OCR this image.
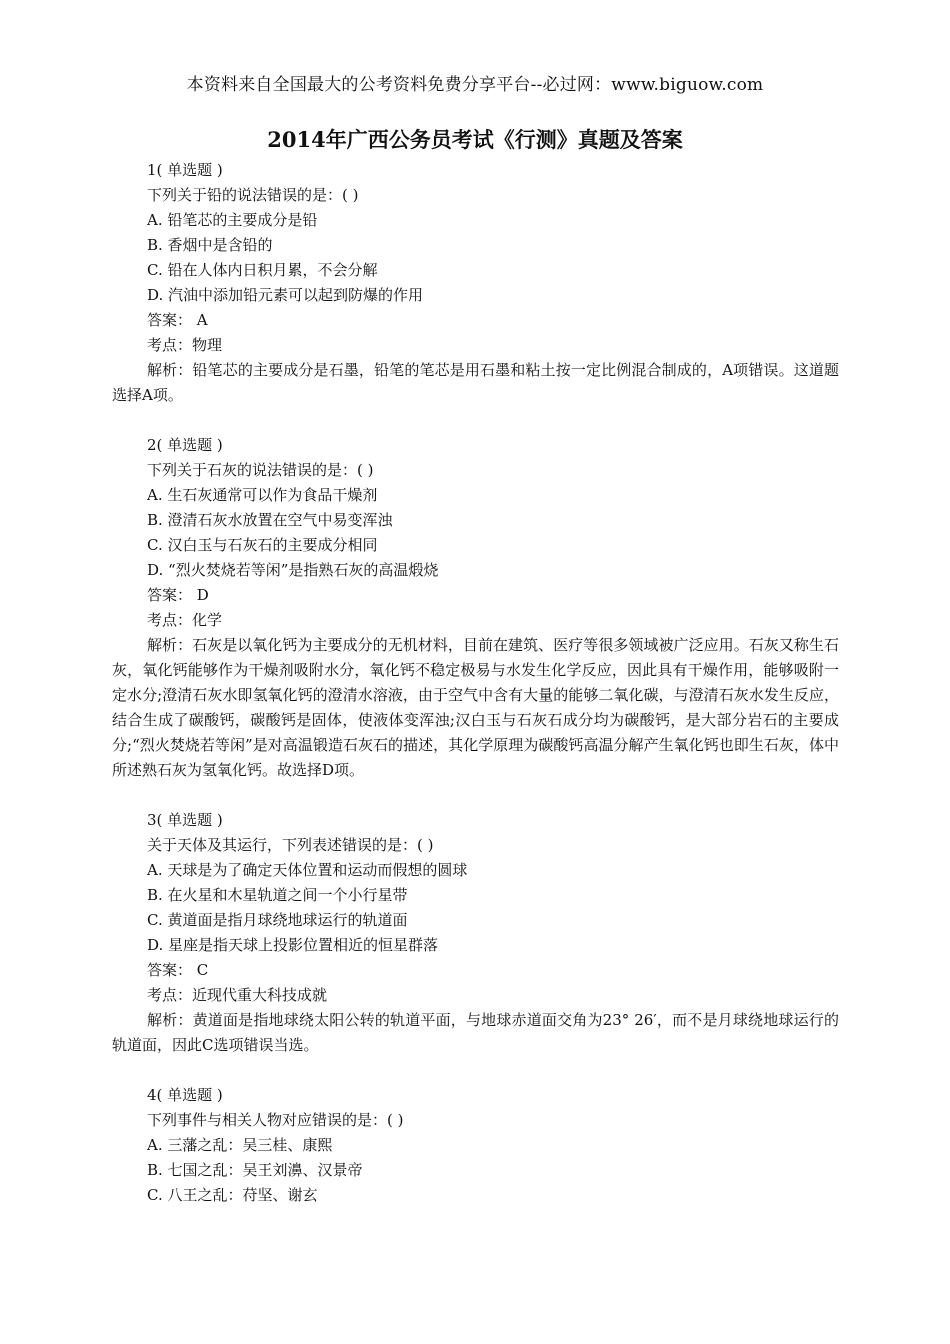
本资料来自全国最大的公考资料免费分享平台--必过网：www.biguow.com
2014年广西公务员考试《行测》真题及答案
1( 单选题 )
下列关于铅的说法错误的是：( )
A. 铅笔芯的主要成分是铅
B. 香烟中是含铅的
C. 铅在人体内日积月累，不会分解
D. 汽油中添加铅元素可以起到防爆的作用
答案： A
考点：物理
解析：铅笔芯的主要成分是石墨，铅笔的笔芯是用石墨和粘土按一定比例混合制成的，A项错误。这道题选择A项。
2( 单选题 )
下列关于石灰的说法错误的是：( )
A. 生石灰通常可以作为食品干燥剂
B. 澄清石灰水放置在空气中易变浑浊
C. 汉白玉与石灰石的主要成分相同
D. “烈火焚烧若等闲”是指熟石灰的高温煅烧
答案： D
考点：化学
解析：石灰是以氧化钙为主要成分的无机材料，目前在建筑、医疗等很多领域被广泛应用。石灰又称生石灰，氧化钙能够作为干燥剂吸附水分，氧化钙不稳定极易与水发生化学反应，因此具有干燥作用，能够吸附一定水分;澄清石灰水即氢氧化钙的澄清水溶液，由于空气中含有大量的能够二氧化碳，与澄清石灰水发生反应，结合生成了碳酸钙，碳酸钙是固体，使液体变浑浊;汉白玉与石灰石成分均为碳酸钙，是大部分岩石的主要成分;“烈火焚烧若等闲”是对高温锻造石灰石的描述，其化学原理为碳酸钙高温分解产生氧化钙也即生石灰，体中所述熟石灰为氢氧化钙。故选择D项。
3( 单选题 )
关于天体及其运行，下列表述错误的是：( )
A. 天球是为了确定天体位置和运动而假想的圆球
B. 在火星和木星轨道之间一个小行星带
C. 黄道面是指月球绕地球运行的轨道面
D. 星座是指天球上投影位置相近的恒星群落
答案： C
考点：近现代重大科技成就
解析：黄道面是指地球绕太阳公转的轨道平面，与地球赤道面交角为23° 26′，而不是月球绕地球运行的轨道面，因此C选项错误当选。
4( 单选题 )
下列事件与相关人物对应错误的是：( )
A. 三藩之乱：吴三桂、康熙
B. 七国之乱：吴王刘濞、汉景帝
C. 八王之乱：苻坚、谢玄
